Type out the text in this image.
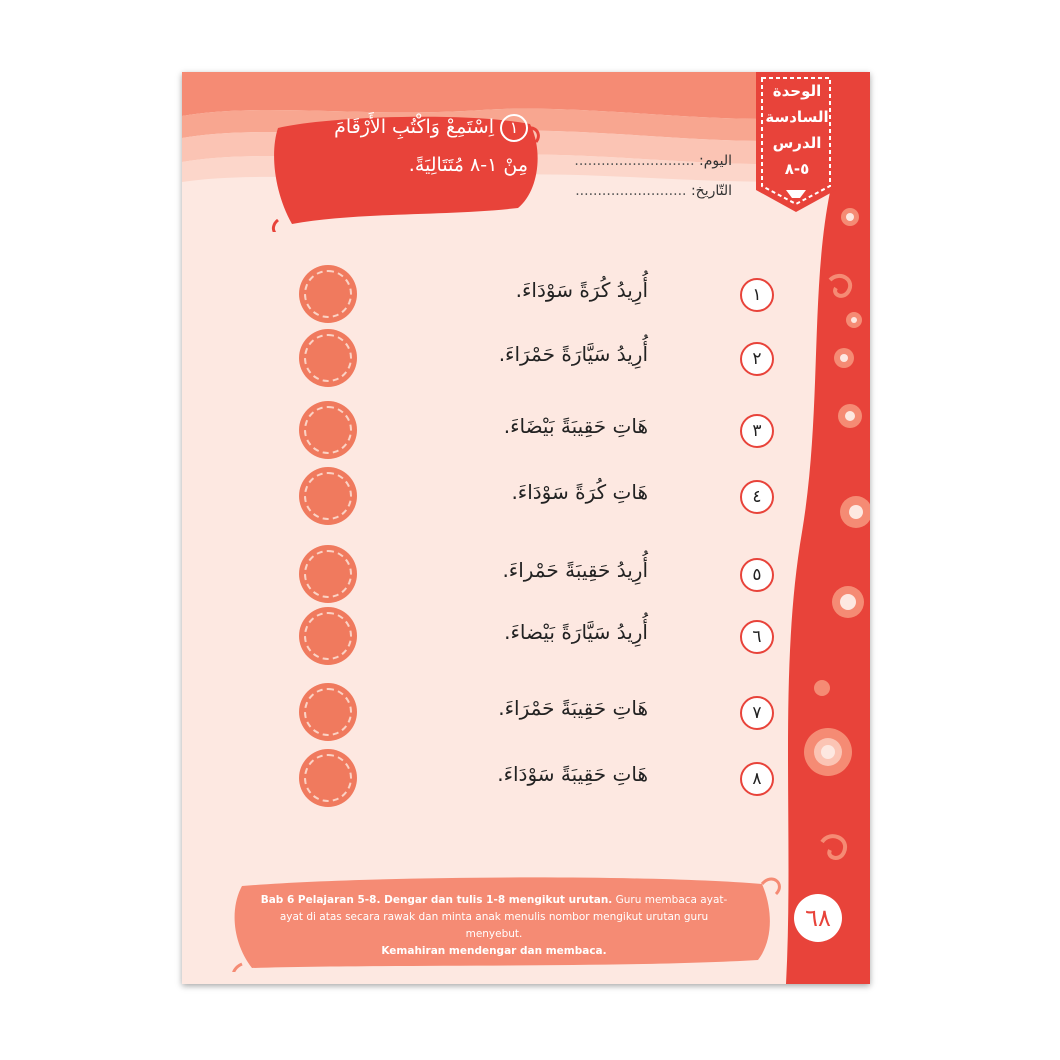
الوحدة
السادسة
الدرس ٥-٨
١اِسْتَمِعْ وَاكْتُبِ الأَرْقَامَ
مِنْ ١-٨ مُتَتَالِيَةً.	اليوم: ...........................
التّاريخ: .........................
أُرِيدُ كُرَةً سَوْدَاءَ.	١
أُرِيدُ سَيَّارَةً حَمْرَاءَ.	٢
هَاتِ حَقِيبَةً بَيْضَاءَ.	٣
هَاتِ كُرَةً سَوْدَاءَ.	٤
أُرِيدُ حَقِيبَةً حَمْراءَ.	٥
أُرِيدُ سَيَّارَةً بَيْضاءَ.	٦
هَاتِ حَقِيبَةً حَمْرَاءَ.	٧
هَاتِ حَقِيبَةً سَوْدَاءَ.	٨
Bab 6 Pelajaran 5-8. Dengar dan tulis 1-8 mengikut urutan. Guru membaca ayat-ayat di atas secara rawak dan minta anak menulis nombor mengikut urutan guru menyebut.
Kemahiran mendengar dan membaca.
٦٨
